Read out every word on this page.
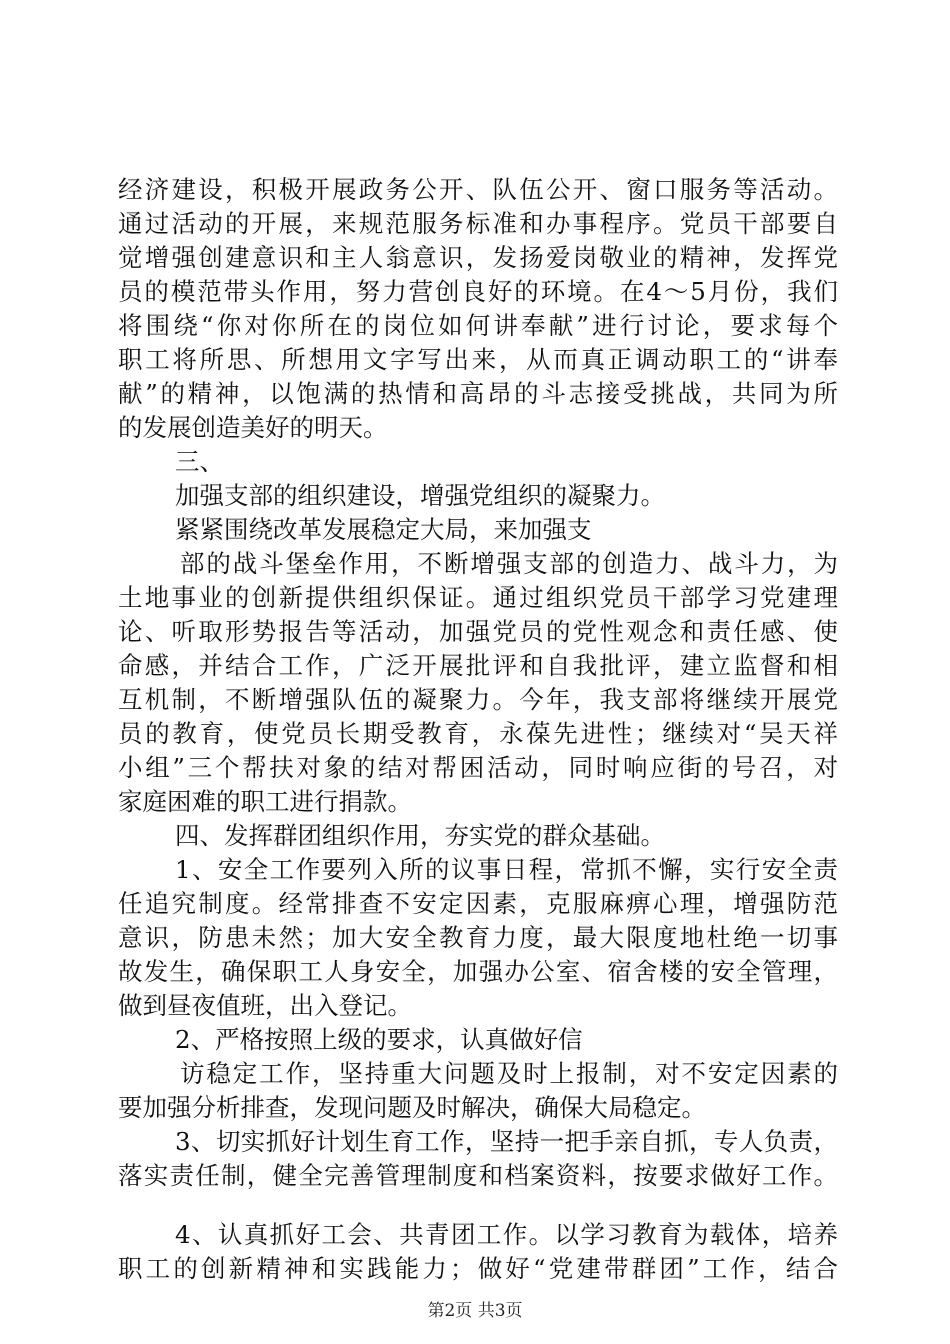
经济建设，积极开展政务公开、队伍公开、窗口服务等活动。
通过活动的开展，来规范服务标准和办事程序。党员干部要自
觉增强创建意识和主人翁意识，发扬爱岗敬业的精神，发挥党
员的模范带头作用，努力营创良好的环境。在4～5月份，我们
将围绕“你对你所在的岗位如何讲奉献”进行讨论，要求每个
职工将所思、所想用文字写出来，从而真正调动职工的“讲奉
献”的精神，以饱满的热情和高昂的斗志接受挑战，共同为所
的发展创造美好的明天。
三、
加强支部的组织建设，增强党组织的凝聚力。
紧紧围绕改革发展稳定大局，来加强支
部的战斗堡垒作用，不断增强支部的创造力、战斗力，为
土地事业的创新提供组织保证。通过组织党员干部学习党建理
论、听取形势报告等活动，加强党员的党性观念和责任感、使
命感，并结合工作，广泛开展批评和自我批评，建立监督和相
互机制，不断增强队伍的凝聚力。今年，我支部将继续开展党
员的教育，使党员长期受教育，永葆先进性；继续对“吴天祥
小组”三个帮扶对象的结对帮困活动，同时响应街的号召，对
家庭困难的职工进行捐款。
四、发挥群团组织作用，夯实党的群众基础。
1、安全工作要列入所的议事日程，常抓不懈，实行安全责
任追究制度。经常排查不安定因素，克服麻痹心理，增强防范
意识，防患未然；加大安全教育力度，最大限度地杜绝一切事
故发生，确保职工人身安全，加强办公室、宿舍楼的安全管理，
做到昼夜值班，出入登记。
2、严格按照上级的要求，认真做好信
访稳定工作，坚持重大问题及时上报制，对不安定因素的
要加强分析排查，发现问题及时解决，确保大局稳定。
3、切实抓好计划生育工作，坚持一把手亲自抓，专人负责，
落实责任制，健全完善管理制度和档案资料，按要求做好工作。
4、认真抓好工会、共青团工作。以学习教育为载体，培养
职工的创新精神和实践能力；做好“党建带群团”工作，结合
第2页 共3页
